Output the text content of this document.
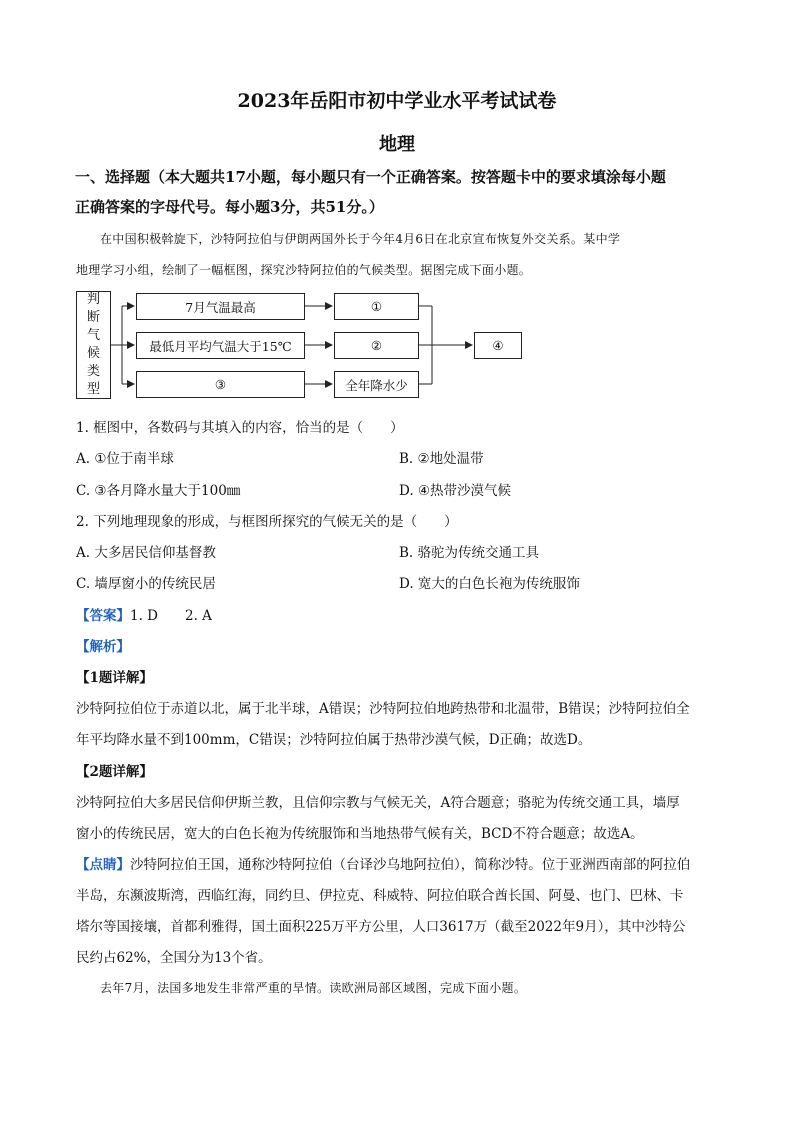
2023年岳阳市初中学业水平考试试卷
地理
一、选择题（本大题共17小题，每小题只有一个正确答案。按答题卡中的要求填涂每小题
正确答案的字母代号。每小题3分，共51分。）
在中国积极斡旋下，沙特阿拉伯与伊朗两国外长于今年4月6日在北京宣布恢复外交关系。某中学
地理学习小组，绘制了一幅框图，探究沙特阿拉伯的气候类型。据图完成下面小题。
判
断
气
候
类
型
7月气温最高
最低月平均气温大于15℃
③
①
②
全年降水少
④
1. 框图中，各数码与其填入的内容，恰当的是（　　）
A. ①位于南半球	B. ②地处温带
C. ③各月降水量大于100㎜	D. ④热带沙漠气候
2. 下列地理现象的形成，与框图所探究的气候无关的是（　　）
A. 大多居民信仰基督教	B. 骆驼为传统交通工具
C. 墙厚窗小的传统民居	D. 宽大的白色长袍为传统服饰
【答案】1. D　　2. A
【解析】
【1题详解】
沙特阿拉伯位于赤道以北，属于北半球，A错误；沙特阿拉伯地跨热带和北温带，B错误；沙特阿拉伯全
年平均降水量不到100mm，C错误；沙特阿拉伯属于热带沙漠气候，D正确；故选D。
【2题详解】
沙特阿拉伯大多居民信仰伊斯兰教，且信仰宗教与气候无关，A符合题意；骆驼为传统交通工具，墙厚
窗小的传统民居，宽大的白色长袍为传统服饰和当地热带气候有关，BCD不符合题意；故选A。
【点睛】沙特阿拉伯王国，通称沙特阿拉伯（台译沙乌地阿拉伯），简称沙特。位于亚洲西南部的阿拉伯
半岛，东濒波斯湾，西临红海，同约旦、伊拉克、科威特、阿拉伯联合酋长国、阿曼、也门、巴林、卡
塔尔等国接壤，首都利雅得，国土面积225万平方公里，人口3617万（截至2022年9月），其中沙特公
民约占62%，全国分为13个省。
去年7月，法国多地发生非常严重的旱情。读欧洲局部区域图，完成下面小题。
